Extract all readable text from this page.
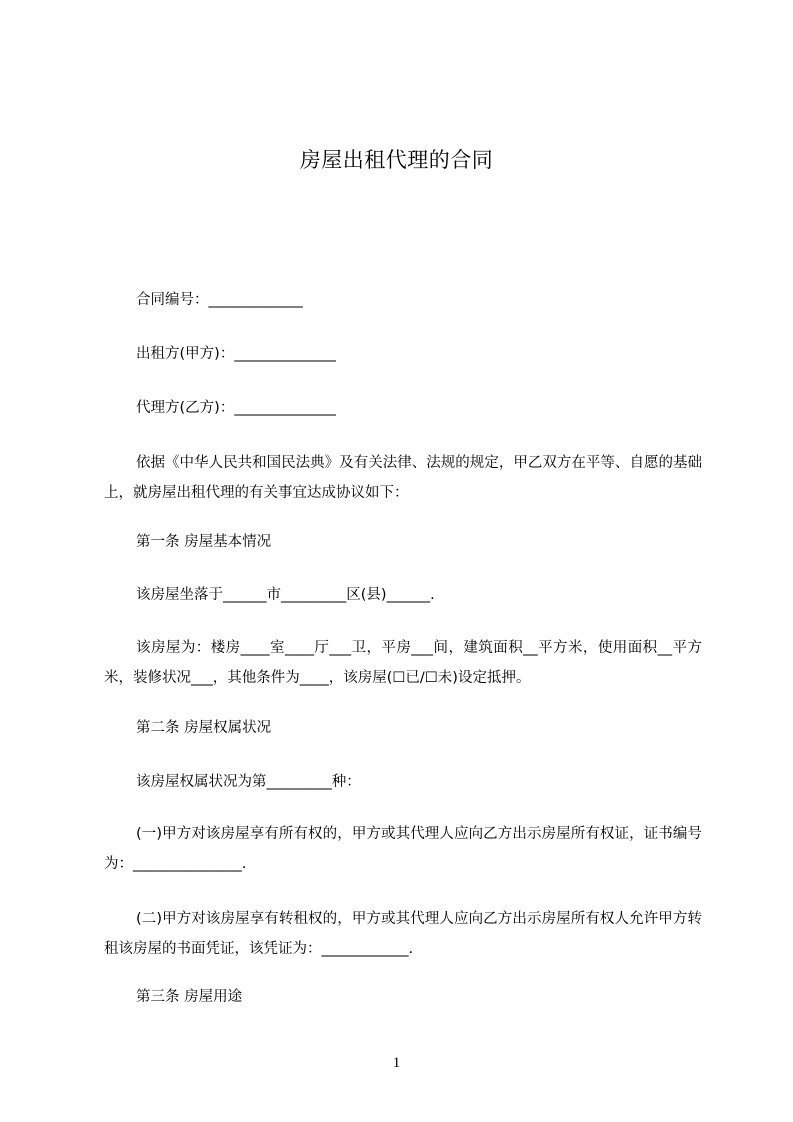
房屋出租代理的合同
合同编号：_____________
出租方(甲方)：______________
代理方(乙方)：______________
依据《中华人民共和国民法典》及有关法律、法规的规定，甲乙双方在平等、自愿的基础上，就房屋出租代理的有关事宜达成协议如下：
第一条 房屋基本情况
该房屋坐落于______市_________区(县)______.
该房屋为：楼房____室____厅___卫，平房___间，建筑面积__平方米，使用面积__平方米，装修状况___，其他条件为____，该房屋(☐已/☐未)设定抵押。
第二条 房屋权属状况
该房屋权属状况为第_________种：
(一)甲方对该房屋享有所有权的，甲方或其代理人应向乙方出示房屋所有权证，证书编号为：_______________.
(二)甲方对该房屋享有转租权的，甲方或其代理人应向乙方出示房屋所有权人允许甲方转租该房屋的书面凭证，该凭证为：____________.
第三条 房屋用途
1
